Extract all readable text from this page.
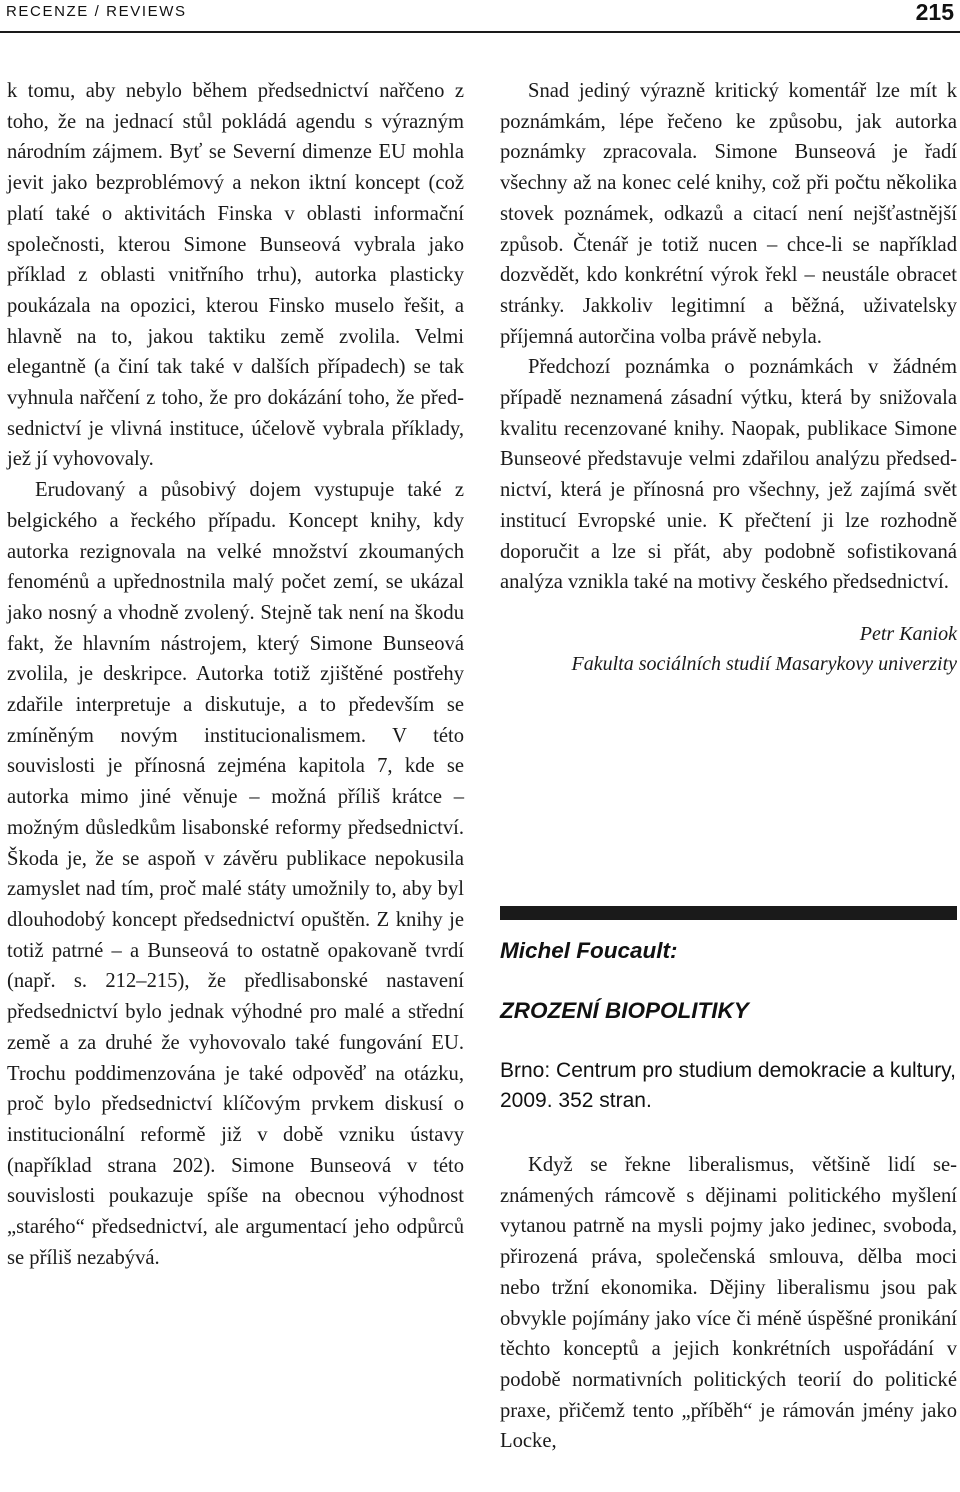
RECENZE / REVIEWS	215

k tomu, aby nebylo během předsednictví nařčeno z toho, že na jednací stůl pokládá agendu s výrazným národním zájmem. Byť se Severní dimenze EU mohla jevit jako bezproblémový a nekon iktní koncept (což platí také o aktivitách Finska v oblasti informační společnosti, kterou Simone Bunseová vybrala jako příklad z oblasti vnitřního trhu), autorka plasticky poukázala na opozici, kterou Finsko muselo řešit, a hlavně na to, jakou taktiku země zvolila. Velmi elegantně (a činí tak také v dalších případech) se tak vyhnula nařčení z toho, že pro dokázání toho, že předsednictví je vlivná instituce, účelově vybrala příklady, jež jí vyhovovaly.

Erudovaný a působivý dojem vystupuje také z belgického a řeckého případu. Koncept knihy, kdy autorka rezignovala na velké množství zkoumaných fenoménů a upřednostnila malý počet zemí, se ukázal jako nosný a vhodně zvolený. Stejně tak není na škodu fakt, že hlavním nástrojem, který Simone Bunseová zvolila, je deskripce. Autorka totiž zjištěné postřehy zdařile interpretuje a diskutuje, a to především se zmíněným novým institucionalismem. V této souvislosti je přínosná zejména kapitola 7, kde se autorka mimo jiné věnuje – možná příliš krátce – možným důsledkům lisabonské reformy předsednictví. Škoda je, že se aspoň v závěru publikace nepokusila zamyslet nad tím, proč malé státy umožnily to, aby byl dlouhodobý koncept předsednictví opuštěn. Z knihy je totiž patrné – a Bunseová to ostatně opakovaně tvrdí (např. s. 212–215), že předlisabonské nastavení předsednictví bylo jednak výhodné pro malé a střední země a za druhé že vyhovovalo také fungování EU. Trochu poddimenzována je také odpověď na otázku, proč bylo předsednictví klíčovým prvkem diskusí o institucionální reformě již v době vzniku ústavy (například strana 202). Simone Bunseová v této souvislosti poukazuje spíše na obecnou výhodnost „starého“ předsednictví, ale argumentací jeho odpůrců se příliš nezabývá.

Snad jediný výrazně kritický komentář lze mít k poznámkám, lépe řečeno ke způsobu, jak autorka poznámky zpracovala. Simone Bunseová je řadí všechny až na konec celé knihy, což při počtu několika stovek poznámek, odkazů a citací není nejšťastnější způsob. Čtenář je totiž nucen – chce-li se například dozvědět, kdo konkrétní výrok řekl – neustále obracet stránky. Jakkoliv legitimní a běžná, uživatelsky příjemná autorčina volba právě nebyla.

Předchozí poznámka o poznámkách v žádném případě neznamená zásadní výtku, která by snižovala kvalitu recenzované knihy. Naopak, publikace Simone Bunseové představuje velmi zdařilou analýzu předsednictví, která je přínosná pro všechny, jež zajímá svět institucí Evropské unie. K přečtení ji lze rozhodně doporučit a lze si přát, aby podobně sofistikovaná analýza vznikla také na motivy českého předsednictví.

Petr Kaniok
Fakulta sociálních studií Masarykovy univerzity
Michel Foucault:
ZROZENÍ BIOPOLITIKY
Brno: Centrum pro studium demokracie a kultury, 2009. 352 stran.

Když se řekne liberalismus, většině lidí seznámených rámcově s dějinami politického myšlení vytanou patrně na mysli pojmy jako jedinec, svoboda, přirozená práva, společenská smlouva, dělba moci nebo tržní ekonomika. Dějiny liberalismu jsou pak obvykle pojímány jako více či méně úspěšné pronikání těchto konceptů a jejich konkrétních uspořádání v podobě normativních politických teorií do politické praxe, přičemž tento „příběh“ je rámován jmény jako Locke,
